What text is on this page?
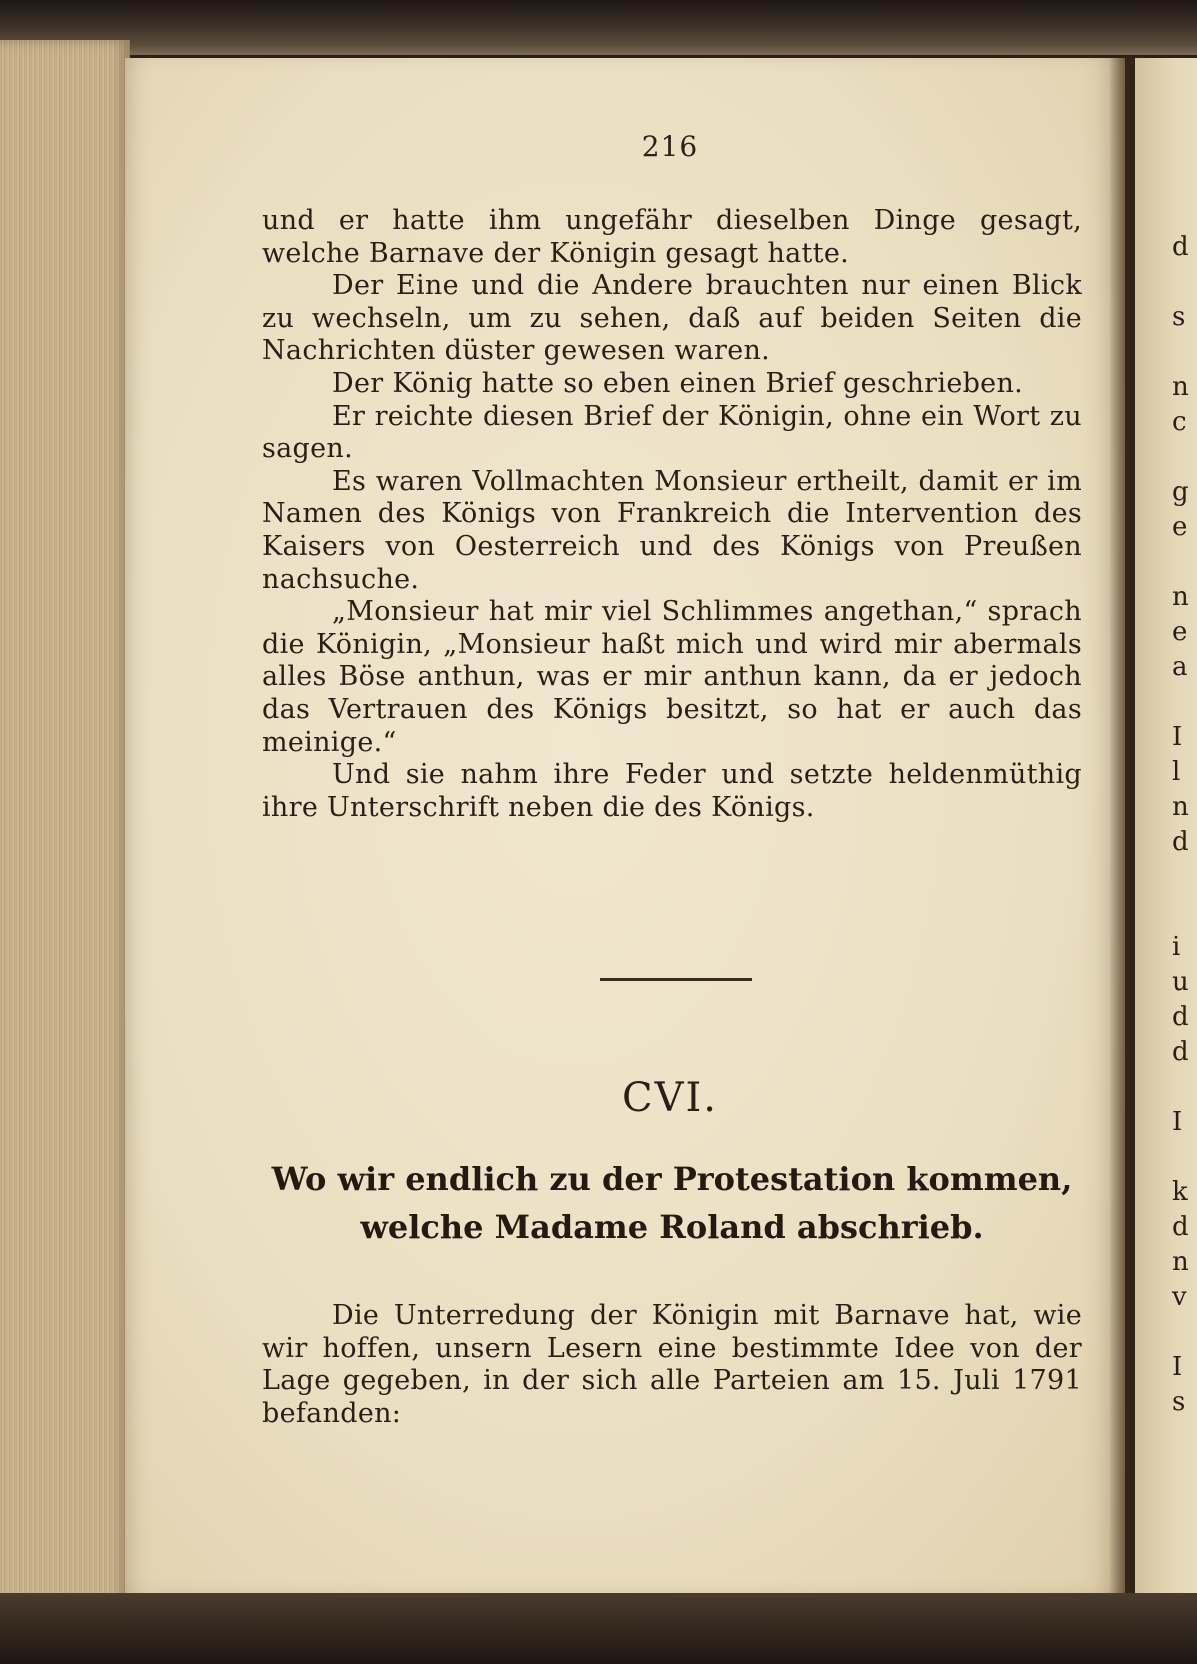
216

und er hatte ihm ungefähr dieselben Dinge gesagt, welche Barnave der Königin gesagt hatte.

Der Eine und die Andere brauchten nur einen Blick zu wechseln, um zu sehen, daß auf beiden Seiten die Nachrichten düster gewesen waren.

Der König hatte so eben einen Brief geschrieben.

Er reichte diesen Brief der Königin, ohne ein Wort zu sagen.

Es waren Vollmachten Monsieur ertheilt, damit er im Namen des Königs von Frankreich die Intervention des Kaisers von Oesterreich und des Königs von Preußen nachsuche.

„Monsieur hat mir viel Schlimmes angethan,“ sprach die Königin, „Monsieur haßt mich und wird mir abermals alles Böse anthun, was er mir anthun kann, da er jedoch das Vertrauen des Königs besitzt, so hat er auch das meinige.“

Und sie nahm ihre Feder und setzte heldenmüthig ihre Unterschrift neben die des Königs.

CVI.
Wo wir endlich zu der Protestation kommen,
welche Madame Roland abschrieb.

Die Unterredung der Königin mit Barnave hat, wie wir hoffen, unsern Lesern eine bestimmte Idee von der Lage gegeben, in der sich alle Parteien am 15. Juli 1791 befanden:

d
s
n
c
g
e
n
e
a
I
l
n
d
i
u
d
d
I
k
d
n
v
I
s
